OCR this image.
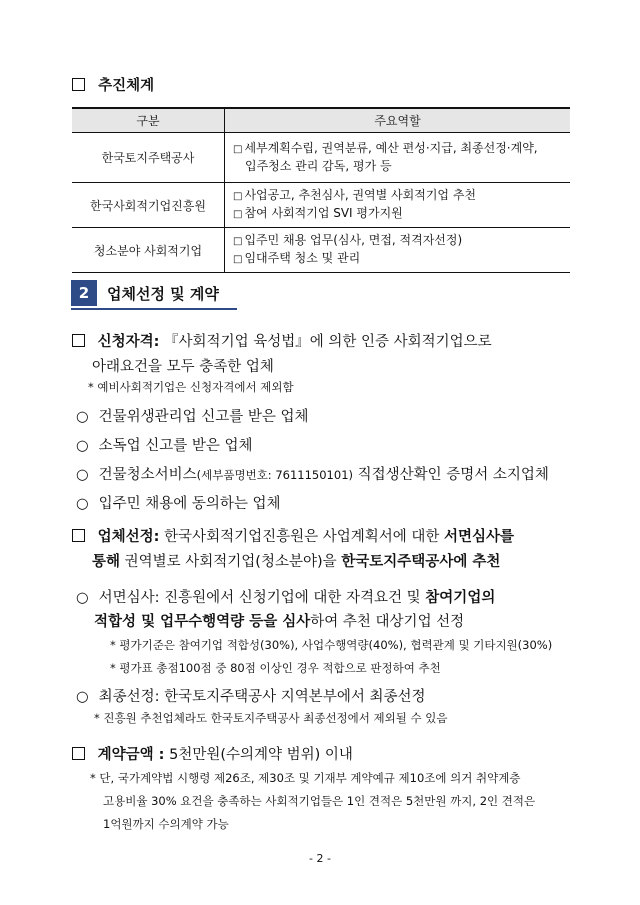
추진체계
구분	주요역할
한국토지주택공사	□ 세부계획수립, 권역분류, 예산 편성·지급, 최종선정·계약,
입주청소 관리 감독, 평가 등

한국사회적기업진흥원	□ 사업공고, 추천심사, 권역별 사회적기업 추천
□ 참여 사회적기업 SVI 평가지원

청소분야 사회적기업	□ 입주민 채용 업무(심사, 면접, 적격자선정)
□ 임대주택 청소 및 관리
2	업체선정 및 계약
신청자격: 『사회적기업 육성법』에 의한 인증 사회적기업으로
아래요건을 모두 충족한 업체
* 예비사회적기업은 신청자격에서 제외함
○ 건물위생관리업 신고를 받은 업체
○ 소독업 신고를 받은 업체
○ 건물청소서비스(세부품명번호: 7611150101) 직접생산확인 증명서 소지업체
○ 입주민 채용에 동의하는 업체
업체선정: 한국사회적기업진흥원은 사업계획서에 대한 서면심사를
통해 권역별로 사회적기업(청소분야)을 한국토지주택공사에 추천
○ 서면심사: 진흥원에서 신청기업에 대한 자격요건 및 참여기업의
적합성 및 업무수행역량 등을 심사하여 추천 대상기업 선정
* 평가기준은 참여기업 적합성(30%), 사업수행역량(40%), 협력관계 및 기타지원(30%)
* 평가표 총점100점 중 80점 이상인 경우 적합으로 판정하여 추천
○ 최종선정: 한국토지주택공사 지역본부에서 최종선정
* 진흥원 추천업체라도 한국토지주택공사 최종선정에서 제외될 수 있음
계약금액 : 5천만원(수의계약 범위) 이내
* 단, 국가계약법 시행령 제26조, 제30조 및 기재부 계약예규 제10조에 의거 취약계층
고용비율 30% 요건을 충족하는 사회적기업들은 1인 견적은 5천만원 까지, 2인 견적은
1억원까지 수의계약 가능
- 2 -
